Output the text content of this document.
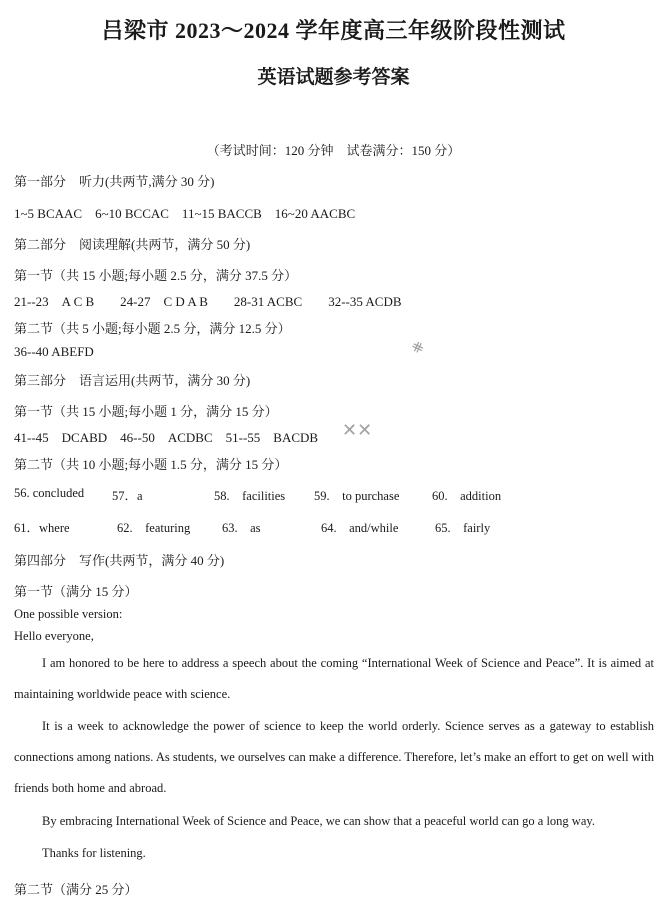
吕梁市 2023～2024 学年度高三年级阶段性测试
英语试题参考答案
（考试时间：120 分钟　试卷满分：150 分）
第一部分　听力(共两节,满分 30 分)
1~5 BCAAC　6~10 BCCAC　11~15 BACCB　16~20 AACBC
第二部分　阅读理解(共两节，满分 50 分)
第一节（共 15 小题;每小题 2.5 分，满分 37.5 分）
21--23　A C B　　24-27　C D A B　　28-31 ACBC　　32--35 ACDB
第二节（共 5 小题;每小题 2.5 分，满分 12.5 分）
36--40 ABEFD
第三部分　语言运用(共两节，满分 30 分)
第一节（共 15 小题;每小题 1 分，满分 15 分）
41--45　DCABD　46--50　ACDBC　51--55　BACDB
第二节（共 10 小题;每小题 1.5 分，满分 15 分）
56. concluded 57．a	58.　facilities 59.　to purchase	60.　addition
61．where	62.　featuring	63.　as	64.　and/while	65.　fairly
第四部分　写作(共两节，满分 40 分)
第一节（满分 15 分）
One possible version:
Hello everyone,
I am honored to be here to address a speech about the coming “International Week of Science and Peace”. It is aimed at maintaining worldwide peace with science.
It is a week to acknowledge the power of science to keep the world orderly. Science serves as a gateway to establish connections among nations. As students, we ourselves can make a difference. Therefore, let’s make an effort to get on well with friends both home and abroad.
By embracing International Week of Science and Peace, we can show that a peaceful world can go a long way.
Thanks for listening.
第二节（满分 25 分）
⨳
✕✕
